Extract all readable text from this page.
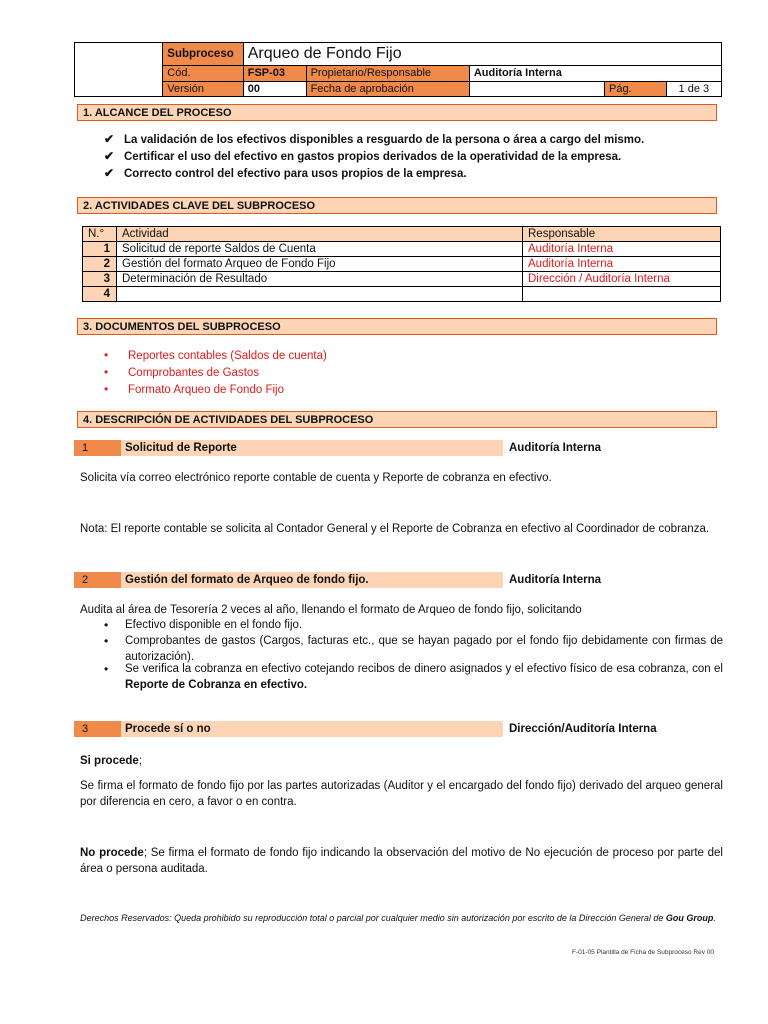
	Subproceso	Arqueo de Fondo Fijo				
	Cód.	FSP-03	Propietario/Responsable	Auditoría Interna		
	Versión	00	Fecha de aprobación		Pág.	1 de 3
1. ALCANCE DEL PROCESO
✔ La validación de los efectivos disponibles a resguardo de la persona o área a cargo del mismo.
✔ Certificar el uso del efectivo en gastos propios derivados de la operatividad de la empresa.
✔ Correcto control del efectivo para usos propios de la empresa.
2. ACTIVIDADES CLAVE DEL SUBPROCESO
N.°	Actividad	Responsable
1	Solicitud de reporte Saldos de Cuenta	Auditoría Interna
2	Gestión del formato Arqueo de Fondo Fijo	Auditoría Interna
3	Determinación de Resultado	Dirección / Auditoría Interna
4		
3. DOCUMENTOS DEL SUBPROCESO
• Reportes contables (Saldos de cuenta)
• Comprobantes de Gastos
• Formato Arqueo de Fondo Fijo
4. DESCRIPCIÓN DE ACTIVIDADES DEL SUBPROCESO
1	Solicitud de Reporte	Auditoría Interna
Solicita vía correo electrónico reporte contable de cuenta y Reporte de cobranza en efectivo.
Nota: El reporte contable se solicita al Contador General y el Reporte de Cobranza en efectivo al Coordinador de cobranza.
2	Gestión del formato de Arqueo de fondo fijo.	Auditoría Interna
Audita al área de Tesorería 2 veces al año, llenando el formato de Arqueo de fondo fijo, solicitando
• Efectivo disponible en el fondo fijo.
• Comprobantes de gastos (Cargos, facturas etc., que se hayan pagado por el fondo fijo debidamente con firmas de autorización).
• Se verifica la cobranza en efectivo cotejando recibos de dinero asignados y el efectivo físico de esa cobranza, con el Reporte de Cobranza en efectivo.
3	Procede sí o no	Dirección/Auditoría Interna
Si procede;
Se firma el formato de fondo fijo por las partes autorizadas (Auditor y el encargado del fondo fijo) derivado del arqueo general por diferencia en cero, a favor o en contra.
No procede; Se firma el formato de fondo fijo indicando la observación del motivo de No ejecución de proceso por parte del área o persona auditada.
Derechos Reservados: Queda prohibido su reproducción total o parcial por cualquier medio sin autorización por escrito de la Dirección General de Gou Group.
F-01-05 Plantilla de Ficha de Subproceso Rev 00
